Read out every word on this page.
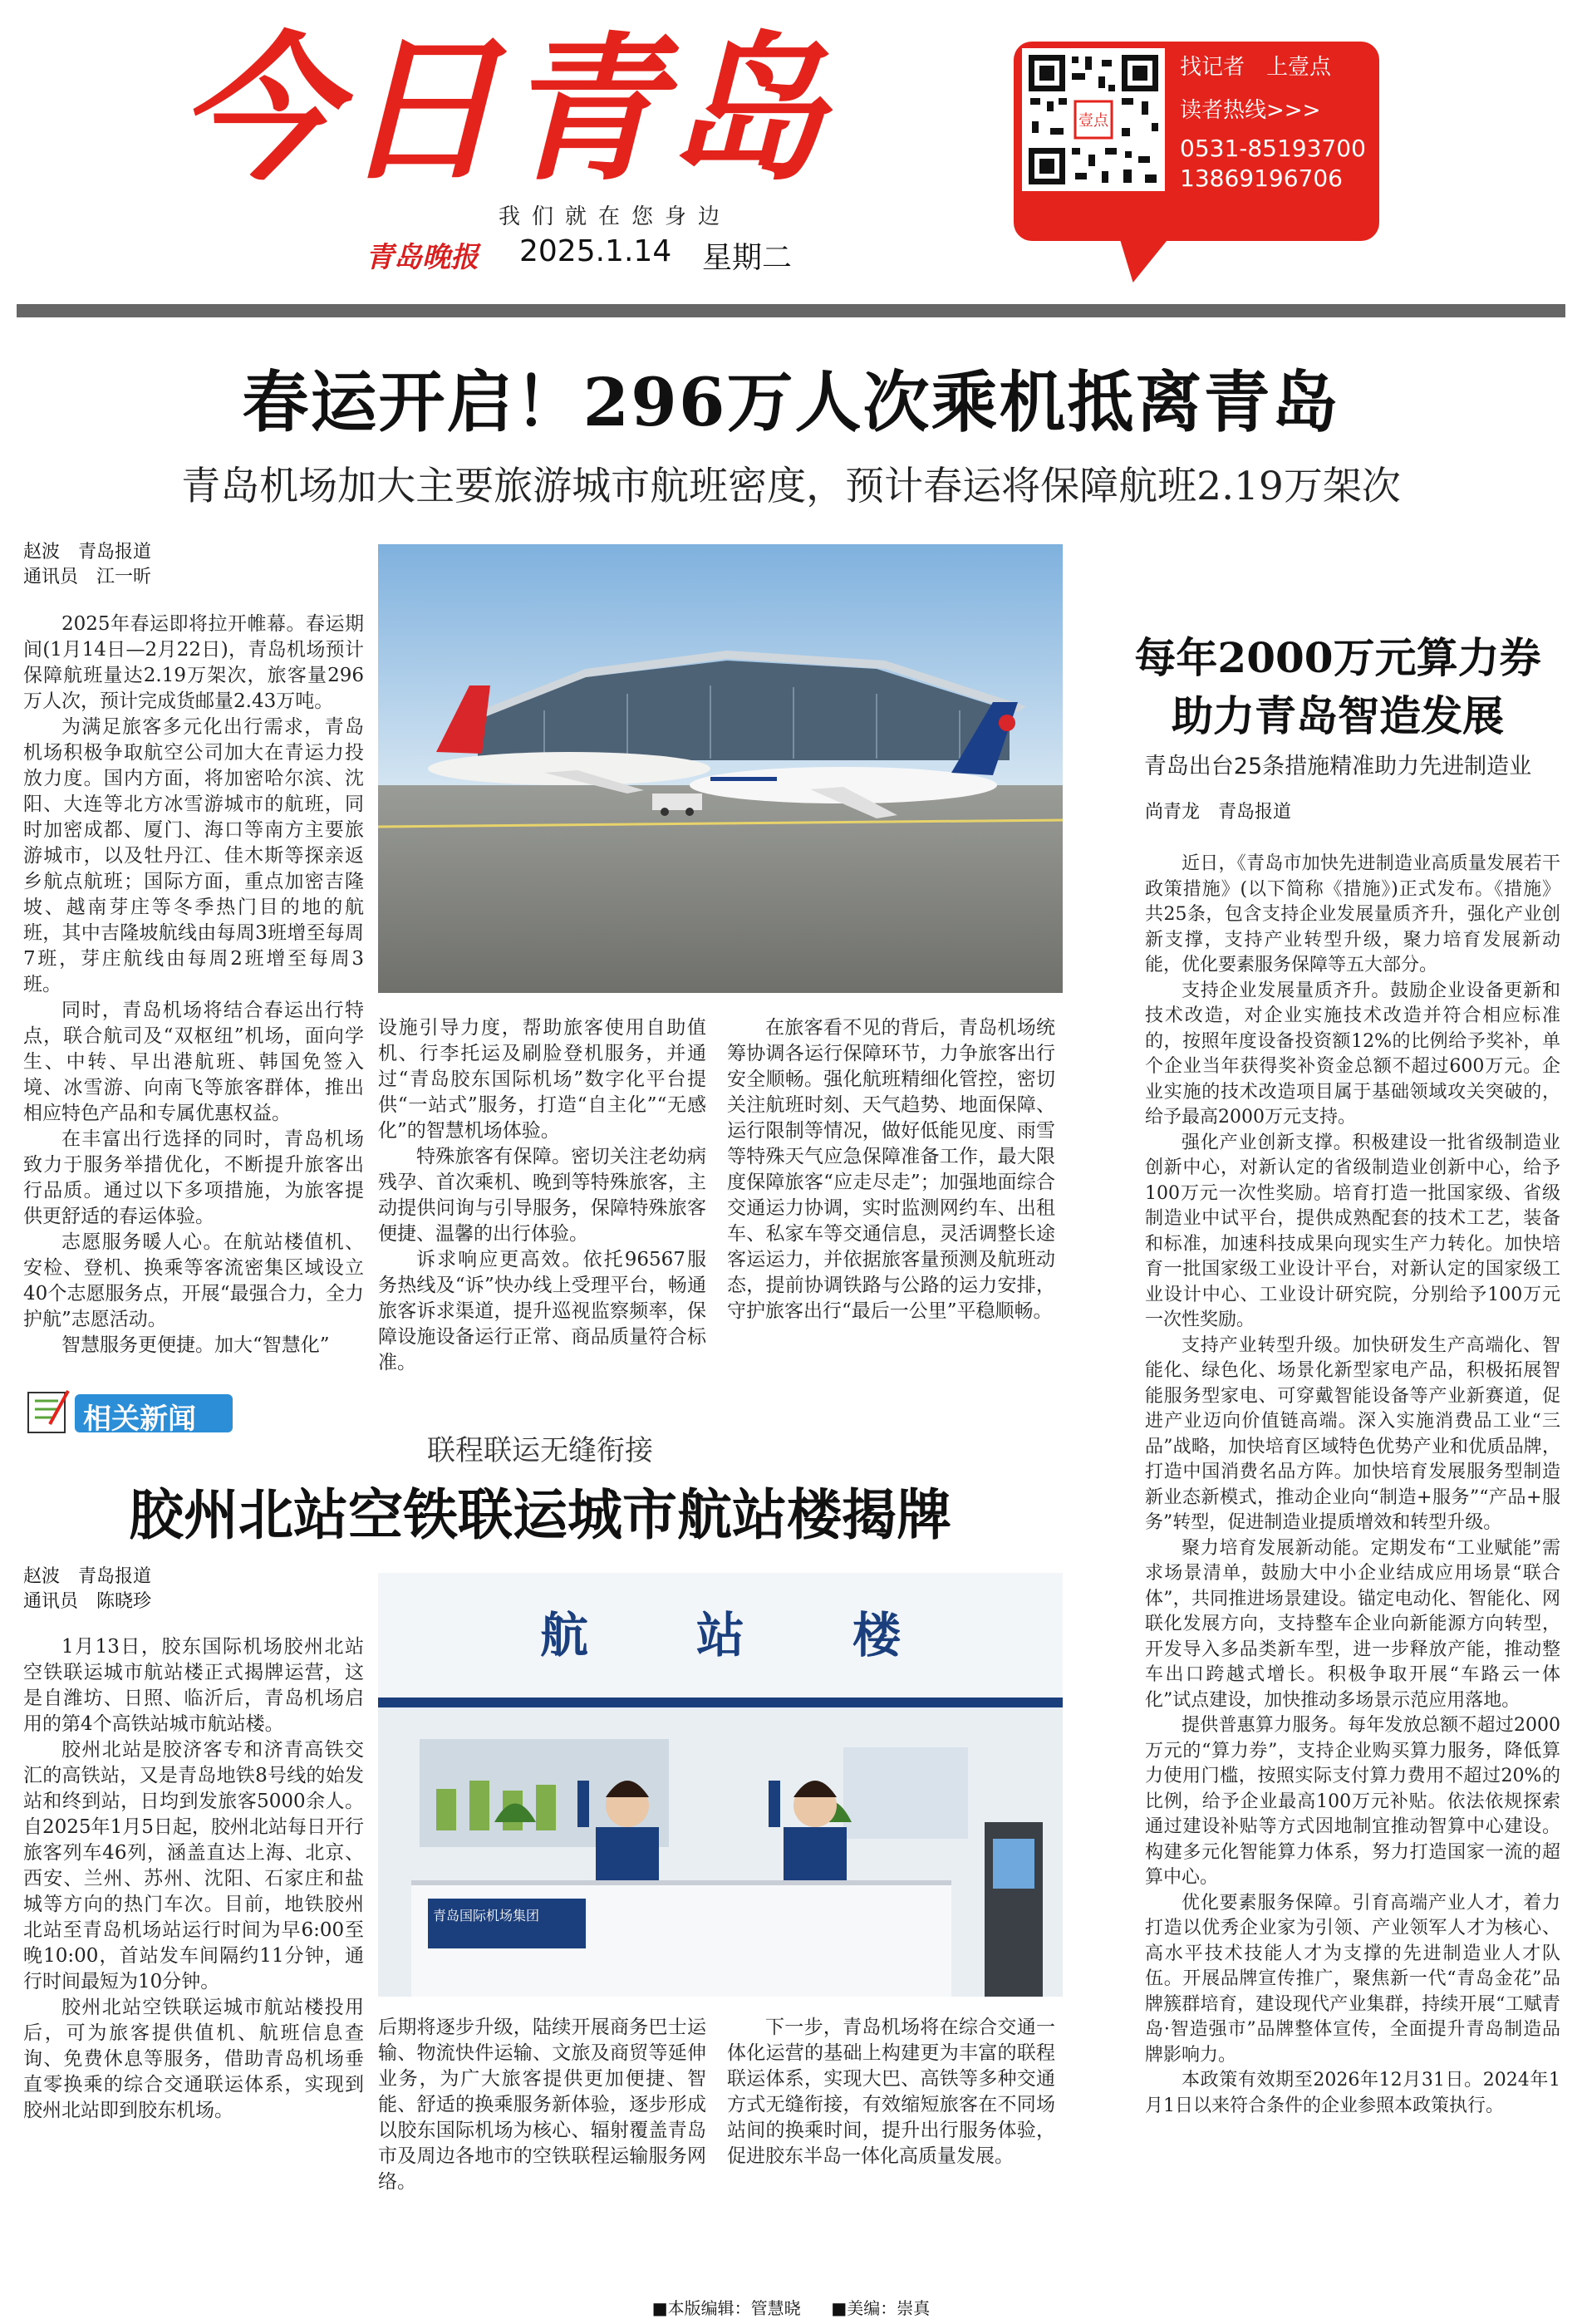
今日青岛
我们就在您身边
青岛晚报 2025.1.14 星期二
壹点
找记者　上壹点
读者热线>>>
0531-85193700
13869196706
春运开启！296万人次乘机抵离青岛
青岛机场加大主要旅游城市航班密度，预计春运将保障航班2.19万架次
赵波　青岛报道
通讯员　江一昕

2025年春运即将拉开帷幕。春运期间(1月14日—2月22日)，青岛机场预计保障航班量达2.19万架次，旅客量296万人次，预计完成货邮量2.43万吨。

为满足旅客多元化出行需求，青岛机场积极争取航空公司加大在青运力投放力度。国内方面，将加密哈尔滨、沈阳、大连等北方冰雪游城市的航班，同时加密成都、厦门、海口等南方主要旅游城市，以及牡丹江、佳木斯等探亲返乡航点航班；国际方面，重点加密吉隆坡、越南芽庄等冬季热门目的地的航班，其中吉隆坡航线由每周3班增至每周7班，芽庄航线由每周2班增至每周3班。

同时，青岛机场将结合春运出行特点，联合航司及“双枢纽”机场，面向学生、中转、早出港航班、韩国免签入境、冰雪游、向南飞等旅客群体，推出相应特色产品和专属优惠权益。

在丰富出行选择的同时，青岛机场致力于服务举措优化，不断提升旅客出行品质。通过以下多项措施，为旅客提供更舒适的春运体验。

志愿服务暖人心。在航站楼值机、安检、登机、换乘等客流密集区域设立40个志愿服务点，开展“最强合力，全力护航”志愿活动。

智慧服务更便捷。加大“智慧化”

设施引导力度，帮助旅客使用自助值机、行李托运及刷脸登机服务，并通过“青岛胶东国际机场”数字化平台提供“一站式”服务，打造“自主化”“无感化”的智慧机场体验。

特殊旅客有保障。密切关注老幼病残孕、首次乘机、晚到等特殊旅客，主动提供问询与引导服务，保障特殊旅客便捷、温馨的出行体验。

诉求响应更高效。依托96567服务热线及“诉”快办线上受理平台，畅通旅客诉求渠道，提升巡视监察频率，保障设施设备运行正常、商品质量符合标准。

在旅客看不见的背后，青岛机场统筹协调各运行保障环节，力争旅客出行安全顺畅。强化航班精细化管控，密切关注航班时刻、天气趋势、地面保障、运行限制等情况，做好低能见度、雨雪等特殊天气应急保障准备工作，最大限度保障旅客“应走尽走”；加强地面综合交通运力协调，实时监测网约车、出租车、私家车等交通信息，灵活调整长途客运运力，并依据旅客量预测及航班动态，提前协调铁路与公路的运力安排，守护旅客出行“最后一公里”平稳顺畅。

每年2000万元算力券
助力青岛智造发展
青岛出台25条措施精准助力先进制造业
尚青龙　青岛报道

近日，《青岛市加快先进制造业高质量发展若干政策措施》(以下简称《措施》)正式发布。《措施》共25条，包含支持企业发展量质齐升，强化产业创新支撑，支持产业转型升级，聚力培育发展新动能，优化要素服务保障等五大部分。

支持企业发展量质齐升。鼓励企业设备更新和技术改造，对企业实施技术改造并符合相应标准的，按照年度设备投资额12%的比例给予奖补，单个企业当年获得奖补资金总额不超过600万元。企业实施的技术改造项目属于基础领域攻关突破的，给予最高2000万元支持。

强化产业创新支撑。积极建设一批省级制造业创新中心，对新认定的省级制造业创新中心，给予100万元一次性奖励。培育打造一批国家级、省级制造业中试平台，提供成熟配套的技术工艺，装备和标准，加速科技成果向现实生产力转化。加快培育一批国家级工业设计平台，对新认定的国家级工业设计中心、工业设计研究院，分别给予100万元一次性奖励。

支持产业转型升级。加快研发生产高端化、智能化、绿色化、场景化新型家电产品，积极拓展智能服务型家电、可穿戴智能设备等产业新赛道，促进产业迈向价值链高端。深入实施消费品工业“三品”战略，加快培育区域特色优势产业和优质品牌，打造中国消费名品方阵。加快培育发展服务型制造新业态新模式，推动企业向“制造+服务”“产品+服务”转型，促进制造业提质增效和转型升级。

聚力培育发展新动能。定期发布“工业赋能”需求场景清单，鼓励大中小企业结成应用场景“联合体”，共同推进场景建设。锚定电动化、智能化、网联化发展方向，支持整车企业向新能源方向转型，开发导入多品类新车型，进一步释放产能，推动整车出口跨越式增长。积极争取开展“车路云一体化”试点建设，加快推动多场景示范应用落地。

提供普惠算力服务。每年发放总额不超过2000万元的“算力券”，支持企业购买算力服务，降低算力使用门槛，按照实际支付算力费用不超过20%的比例，给予企业最高100万元补贴。依法依规探索通过建设补贴等方式因地制宜推动智算中心建设。构建多元化智能算力体系，努力打造国家一流的超算中心。

优化要素服务保障。引育高端产业人才，着力打造以优秀企业家为引领、产业领军人才为核心、高水平技术技能人才为支撑的先进制造业人才队伍。开展品牌宣传推广，聚焦新一代“青岛金花”品牌簇群培育，建设现代产业集群，持续开展“工赋青岛·智造强市”品牌整体宣传，全面提升青岛制造品牌影响力。

本政策有效期至2026年12月31日。2024年1月1日以来符合条件的企业参照本政策执行。

相关新闻
联程联运无缝衔接
胶州北站空铁联运城市航站楼揭牌
赵波　青岛报道
通讯员　陈晓珍

1月13日，胶东国际机场胶州北站空铁联运城市航站楼正式揭牌运营，这是自潍坊、日照、临沂后，青岛机场启用的第4个高铁站城市航站楼。

胶州北站是胶济客专和济青高铁交汇的高铁站，又是青岛地铁8号线的始发站和终到站，日均到发旅客5000余人。自2025年1月5日起，胶州北站每日开行旅客列车46列，涵盖直达上海、北京、西安、兰州、苏州、沈阳、石家庄和盐城等方向的热门车次。目前，地铁胶州北站至青岛机场站运行时间为早6:00至晚10:00，首站发车间隔约11分钟，通行时间最短为10分钟。

胶州北站空铁联运城市航站楼投用后，可为旅客提供值机、航班信息查询、免费休息等服务，借助青岛机场垂直零换乘的综合交通联运体系，实现到胶州北站即到胶东机场。

航站楼
青岛国际机场集团

后期将逐步升级，陆续开展商务巴士运输、物流快件运输、文旅及商贸等延伸业务，为广大旅客提供更加便捷、智能、舒适的换乘服务新体验，逐步形成以胶东国际机场为核心、辐射覆盖青岛市及周边各地市的空铁联程运输服务网络。

下一步，青岛机场将在综合交通一体化运营的基础上构建更为丰富的联程联运体系，实现大巴、高铁等多种交通方式无缝衔接，有效缩短旅客在不同场站间的换乘时间，提升出行服务体验，促进胶东半岛一体化高质量发展。

■本版编辑：管慧晓 ■美编：崇真
